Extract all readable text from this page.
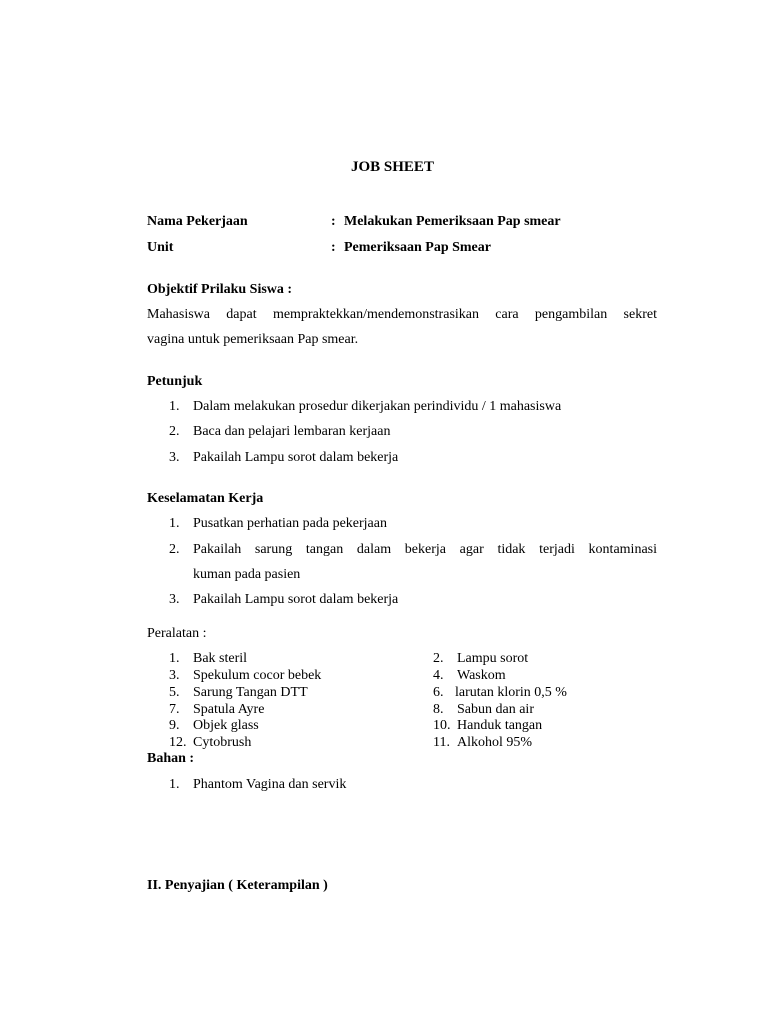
JOB SHEET
Nama Pekerjaan	: Melakukan Pemeriksaan Pap smear
Unit	: Pemeriksaan Pap Smear
Objektif Prilaku Siswa :
Mahasiswa dapat mempraktekkan/mendemonstrasikan cara pengambilan sekret
vagina untuk pemeriksaan Pap smear.
Petunjuk
1. Dalam melakukan prosedur dikerjakan perindividu / 1 mahasiswa
2. Baca dan pelajari lembaran kerjaan
3. Pakailah Lampu sorot dalam bekerja
Keselamatan Kerja
1. Pusatkan perhatian pada pekerjaan
2. Pakailah sarung tangan dalam bekerja agar tidak terjadi kontaminasi
kuman pada pasien
3. Pakailah Lampu sorot dalam bekerja
Peralatan :
1. Bak steril
3. Spekulum cocor bebek
5. Sarung Tangan DTT
7. Spatula Ayre
9. Objek glass
12. Cytobrush
2. Lampu sorot
4. Waskom
6. larutan klorin 0,5 %
8. Sabun dan air
10. Handuk tangan
11. Alkohol 95%
Bahan :
1. Phantom Vagina dan servik
II. Penyajian ( Keterampilan )
